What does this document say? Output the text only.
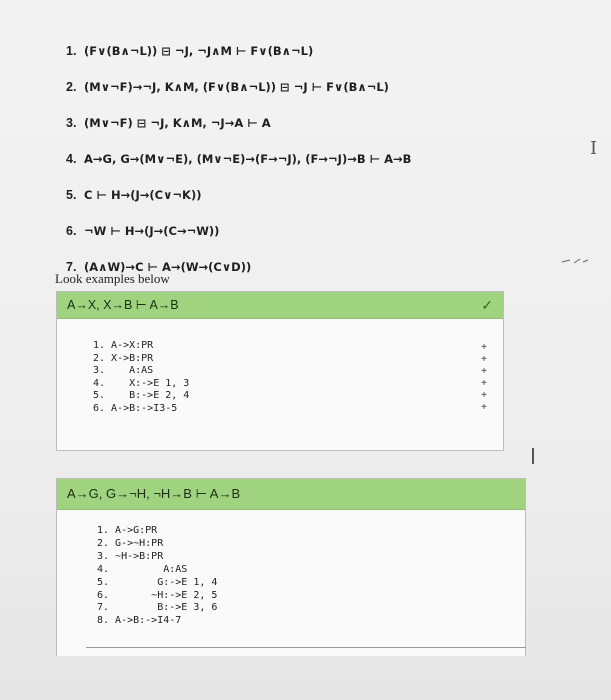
1. (F∨(B∧¬L)) ⊟ ¬J, ¬J∧M ⊢ F∨(B∧¬L)
2. (M∨¬F)→¬J, K∧M, (F∨(B∧¬L)) ⊟ ¬J ⊢ F∨(B∧¬L)
3. (M∨¬F) ⊟ ¬J, K∧M, ¬J→A ⊢ A
4. A→G, G→(M∨¬E), (M∨¬E)→(F→¬J), (F→¬J)→B ⊢ A→B
5. C ⊢ H→(J→(C∨¬K))
6. ¬W ⊢ H→(J→(C→¬W))
7. (A∧W)→C ⊢ A→(W→(C∨D))
I
Look examples below
A→X, X→B ⊢ A→B	✓
1. A->X:PR
2. X->B:PR
3.    A:AS
4.    X:->E 1, 3
5.    B:->E 2, 4
6. A->B:->I3-5
+
+
+
+
+
+
A→G, G→¬H, ¬H→B ⊢ A→B
1. A->G:PR
2. G->~H:PR
3. ~H->B:PR
4.         A:AS
5.        G:->E 1, 4
6.       ~H:->E 2, 5
7.        B:->E 3, 6
8. A->B:->I4-7
